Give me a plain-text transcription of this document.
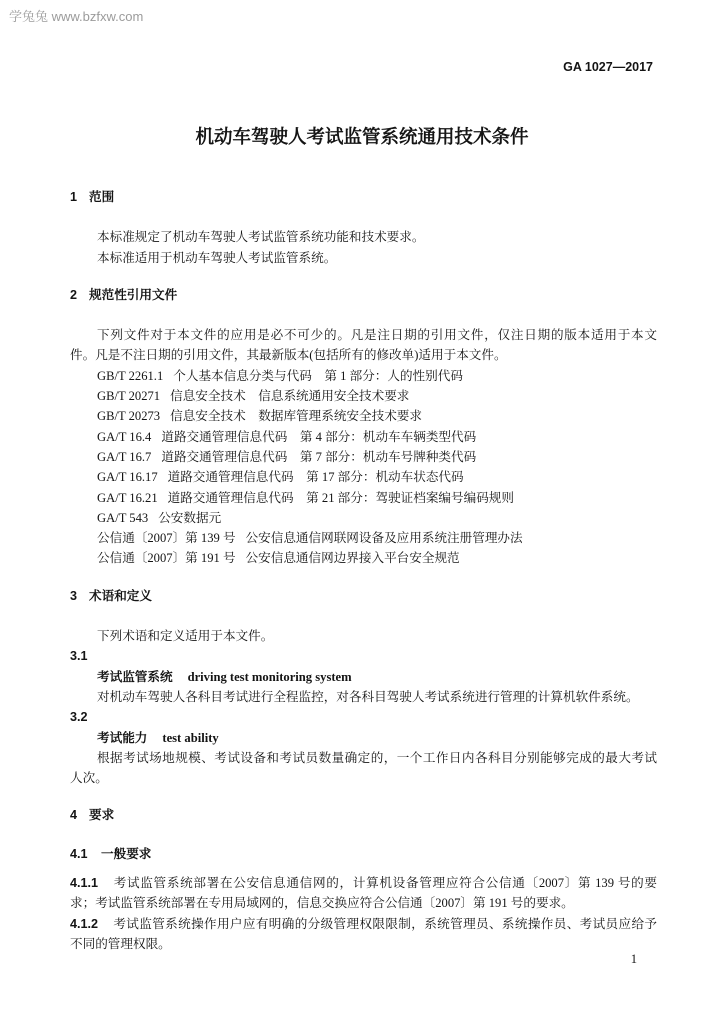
学兔兔 www.bzfxw.com
GA 1027—2017
机动车驾驶人考试监管系统通用技术条件
1 范围
本标准规定了机动车驾驶人考试监管系统功能和技术要求。
本标准适用于机动车驾驶人考试监管系统。
2 规范性引用文件
下列文件对于本文件的应用是必不可少的。凡是注日期的引用文件，仅注日期的版本适用于本文
件。凡是不注日期的引用文件，其最新版本(包括所有的修改单)适用于本文件。
GB/T 2261.1 个人基本信息分类与代码　第 1 部分：人的性别代码
GB/T 20271 信息安全技术　信息系统通用安全技术要求
GB/T 20273 信息安全技术　数据库管理系统安全技术要求
GA/T 16.4 道路交通管理信息代码　第 4 部分：机动车车辆类型代码
GA/T 16.7 道路交通管理信息代码　第 7 部分：机动车号牌种类代码
GA/T 16.17 道路交通管理信息代码　第 17 部分：机动车状态代码
GA/T 16.21 道路交通管理信息代码　第 21 部分：驾驶证档案编号编码规则
GA/T 543 公安数据元
公信通〔2007〕第 139 号 公安信息通信网联网设备及应用系统注册管理办法
公信通〔2007〕第 191 号 公安信息通信网边界接入平台安全规范
3 术语和定义
下列术语和定义适用于本文件。
3.1
考试监管系统 driving test monitoring system
对机动车驾驶人各科目考试进行全程监控，对各科目驾驶人考试系统进行管理的计算机软件系统。
3.2
考试能力 test ability
根据考试场地规模、考试设备和考试员数量确定的，一个工作日内各科目分别能够完成的最大考试
人次。
4 要求
4.1 一般要求
4.1.1 考试监管系统部署在公安信息通信网的，计算机设备管理应符合公信通〔2007〕第 139 号的要
求；考试监管系统部署在专用局域网的，信息交换应符合公信通〔2007〕第 191 号的要求。
4.1.2 考试监管系统操作用户应有明确的分级管理权限限制，系统管理员、系统操作员、考试员应给予
不同的管理权限。
1
